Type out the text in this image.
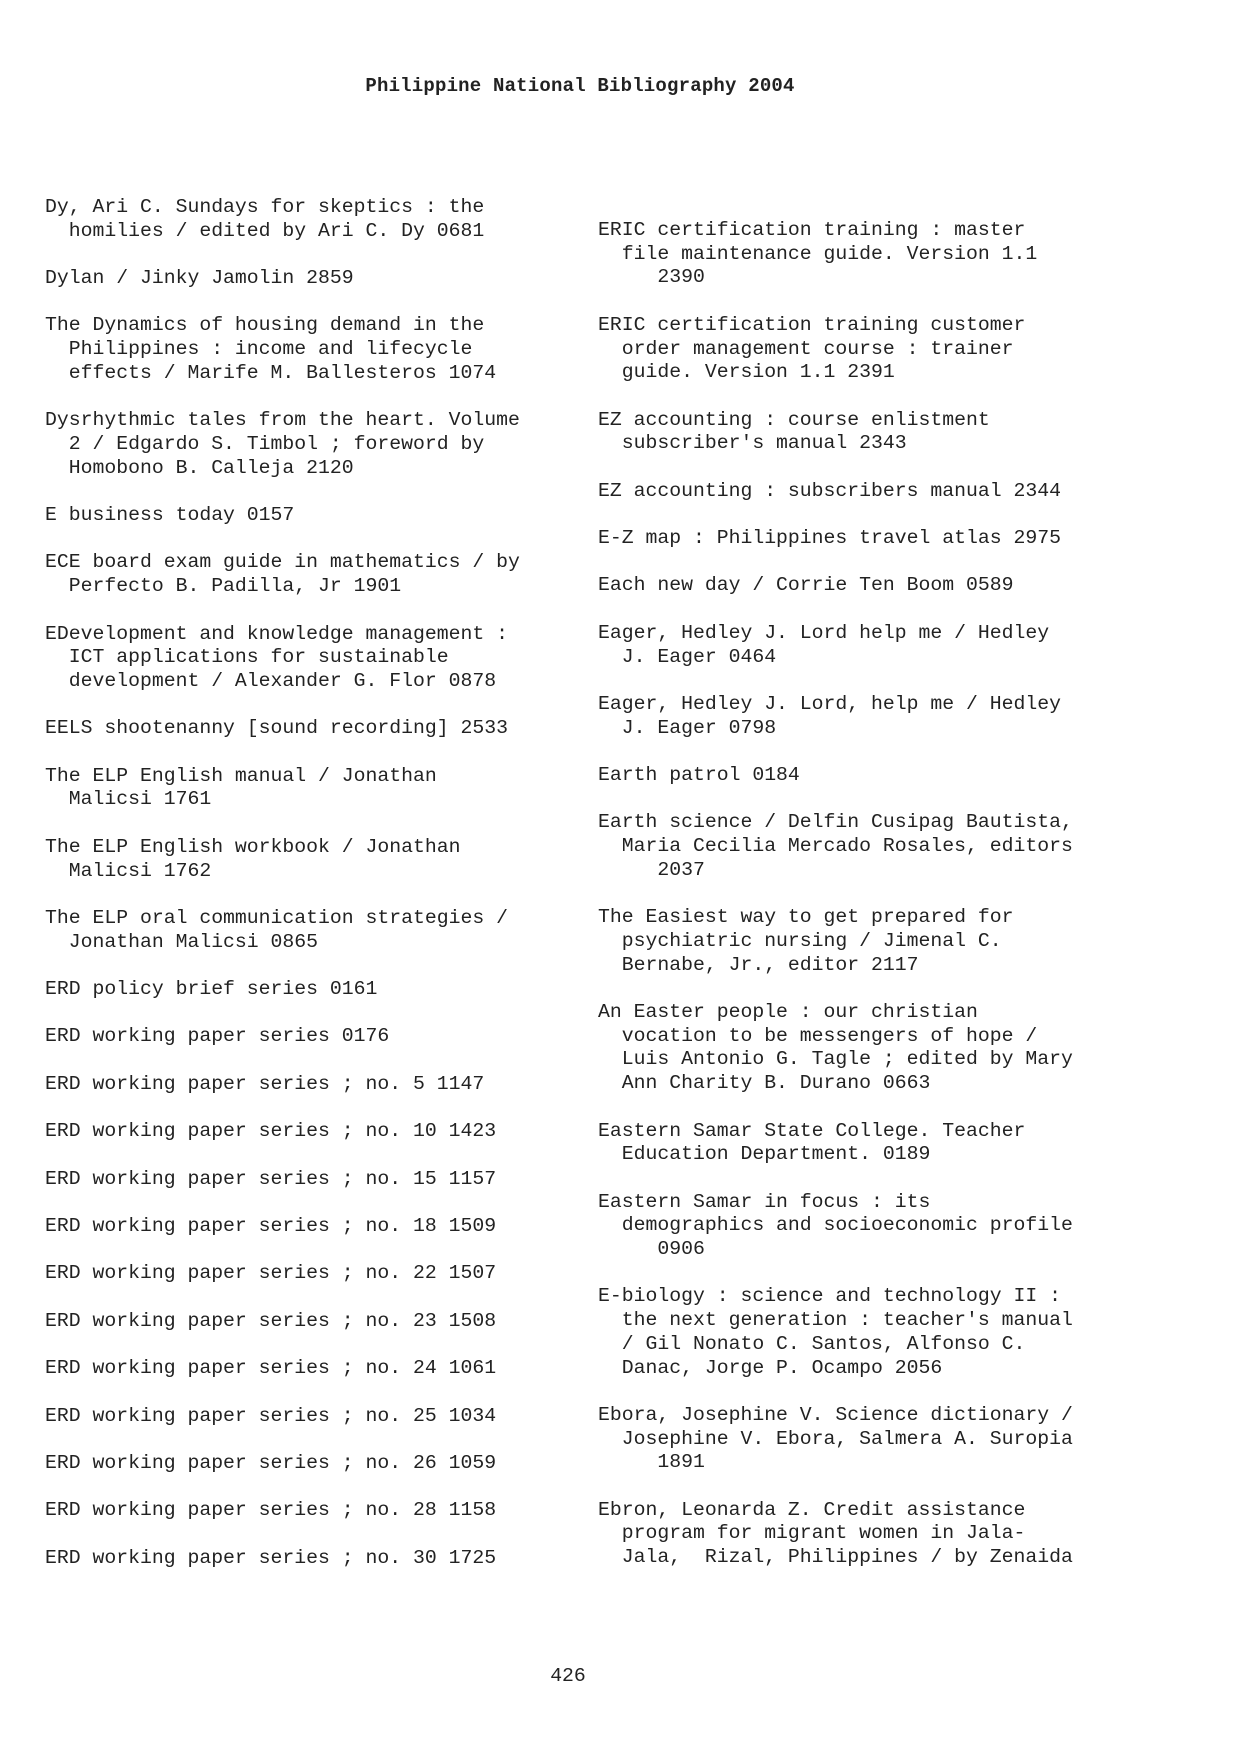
Philippine National Bibliography 2004

Dy, Ari C. Sundays for skeptics : the
homilies / edited by Ari C. Dy 0681

Dylan / Jinky Jamolin 2859

The Dynamics of housing demand in the
Philippines : income and lifecycle
effects / Marife M. Ballesteros 1074

Dysrhythmic tales from the heart. Volume
2 / Edgardo S. Timbol ; foreword by
Homobono B. Calleja 2120

E business today 0157

ECE board exam guide in mathematics / by
Perfecto B. Padilla, Jr 1901

EDevelopment and knowledge management :
ICT applications for sustainable
development / Alexander G. Flor 0878

EELS shootenanny [sound recording] 2533

The ELP English manual / Jonathan
Malicsi 1761

The ELP English workbook / Jonathan
Malicsi 1762

The ELP oral communication strategies /
Jonathan Malicsi 0865

ERD policy brief series 0161

ERD working paper series 0176

ERD working paper series ; no. 5 1147

ERD working paper series ; no. 10 1423

ERD working paper series ; no. 15 1157

ERD working paper series ; no. 18 1509

ERD working paper series ; no. 22 1507

ERD working paper series ; no. 23 1508

ERD working paper series ; no. 24 1061

ERD working paper series ; no. 25 1034

ERD working paper series ; no. 26 1059

ERD working paper series ; no. 28 1158

ERD working paper series ; no. 30 1725

ERIC certification training : master
file maintenance guide. Version 1.1
2390

ERIC certification training customer
order management course : trainer
guide. Version 1.1 2391

EZ accounting : course enlistment
subscriber's manual 2343

EZ accounting : subscribers manual 2344

E-Z map : Philippines travel atlas 2975

Each new day / Corrie Ten Boom 0589

Eager, Hedley J. Lord help me / Hedley
J. Eager 0464

Eager, Hedley J. Lord, help me / Hedley
J. Eager 0798

Earth patrol 0184

Earth science / Delfin Cusipag Bautista,
Maria Cecilia Mercado Rosales, editors
2037

The Easiest way to get prepared for
psychiatric nursing / Jimenal C.
Bernabe, Jr., editor 2117

An Easter people : our christian
vocation to be messengers of hope /
Luis Antonio G. Tagle ; edited by Mary
Ann Charity B. Durano 0663

Eastern Samar State College. Teacher
Education Department. 0189

Eastern Samar in focus : its
demographics and socioeconomic profile
0906

E-biology : science and technology II :
the next generation : teacher's manual
/ Gil Nonato C. Santos, Alfonso C.
Danac, Jorge P. Ocampo 2056

Ebora, Josephine V. Science dictionary /
Josephine V. Ebora, Salmera A. Suropia
1891

Ebron, Leonarda Z. Credit assistance
program for migrant women in Jala-
Jala,  Rizal, Philippines / by Zenaida

426
